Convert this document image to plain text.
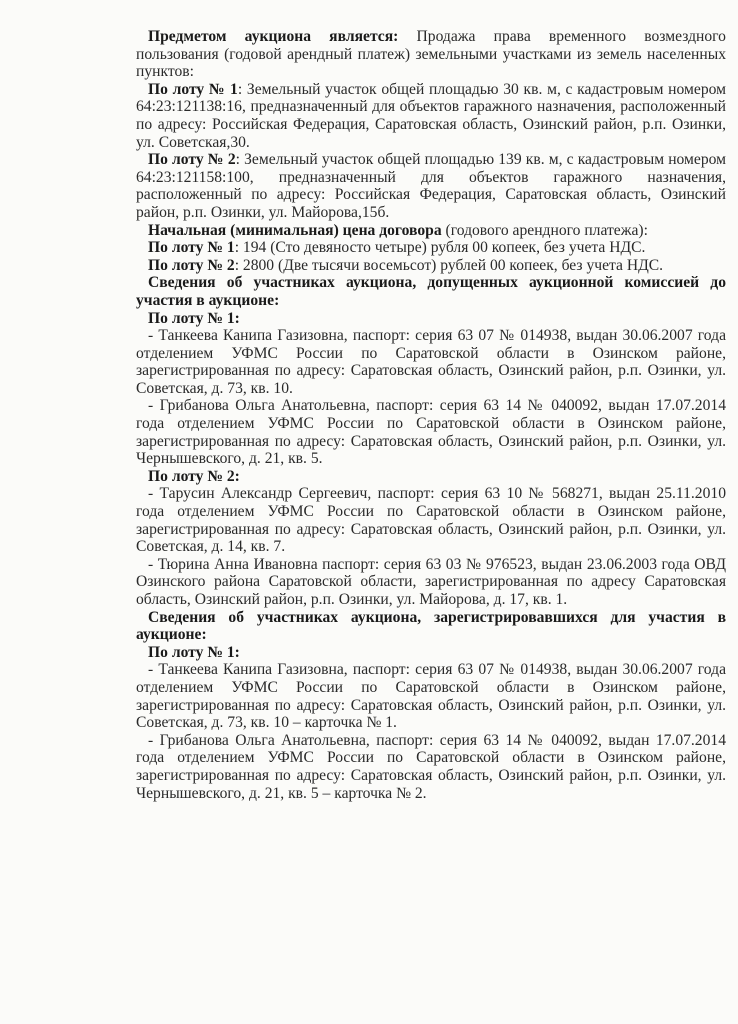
Предметом аукциона является: Продажа права временного возмездного пользования (годовой арендный платеж) земельными участками из земель населенных пунктов:

По лоту № 1: Земельный участок общей площадью 30 кв. м, с кадастровым номером 64:23:121138:16, предназначенный для объектов гаражного назначения, расположенный по адресу: Российская Федерация, Саратовская область, Озинский район, р.п. Озинки, ул. Советская,30.

По лоту № 2: Земельный участок общей площадью 139 кв. м, с кадастровым номером 64:23:121158:100, предназначенный для объектов гаражного назначения, расположенный по адресу: Российская Федерация, Саратовская область, Озинский район, р.п. Озинки, ул. Майорова,15б.

Начальная (минимальная) цена договора (годового арендного платежа):

По лоту № 1: 194 (Сто девяносто четыре) рубля 00 копеек, без учета НДС.

По лоту № 2: 2800 (Две тысячи восемьсот) рублей 00 копеек, без учета НДС.

Сведения об участниках аукциона, допущенных аукционной комиссией до участия в аукционе:

По лоту № 1:

- Танкеева Канипа Газизовна, паспорт: серия 63 07 № 014938, выдан 30.06.2007 года отделением УФМС России по Саратовской области в Озинском районе, зарегистрированная по адресу: Саратовская область, Озинский район, р.п. Озинки, ул. Советская, д. 73, кв. 10.

- Грибанова Ольга Анатольевна, паспорт: серия 63 14 № 040092, выдан 17.07.2014 года отделением УФМС России по Саратовской области в Озинском районе, зарегистрированная по адресу: Саратовская область, Озинский район, р.п. Озинки, ул. Чернышевского, д. 21, кв. 5.

По лоту № 2:

- Тарусин Александр Сергеевич, паспорт: серия 63 10 № 568271, выдан 25.11.2010 года отделением УФМС России по Саратовской области в Озинском районе, зарегистрированная по адресу: Саратовская область, Озинский район, р.п. Озинки, ул. Советская, д. 14, кв. 7.

- Тюрина Анна Ивановна паспорт: серия 63 03 № 976523, выдан 23.06.2003 года ОВД Озинского района Саратовской области, зарегистрированная по адресу Саратовская область, Озинский район, р.п. Озинки, ул. Майорова, д. 17, кв. 1.

Сведения об участниках аукциона, зарегистрировавшихся для участия в аукционе:

По лоту № 1:

- Танкеева Канипа Газизовна, паспорт: серия 63 07 № 014938, выдан 30.06.2007 года отделением УФМС России по Саратовской области в Озинском районе, зарегистрированная по адресу: Саратовская область, Озинский район, р.п. Озинки, ул. Советская, д. 73, кв. 10 – карточка № 1.

- Грибанова Ольга Анатольевна, паспорт: серия 63 14 № 040092, выдан 17.07.2014 года отделением УФМС России по Саратовской области в Озинском районе, зарегистрированная по адресу: Саратовская область, Озинский район, р.п. Озинки, ул. Чернышевского, д. 21, кв. 5 – карточка № 2.
